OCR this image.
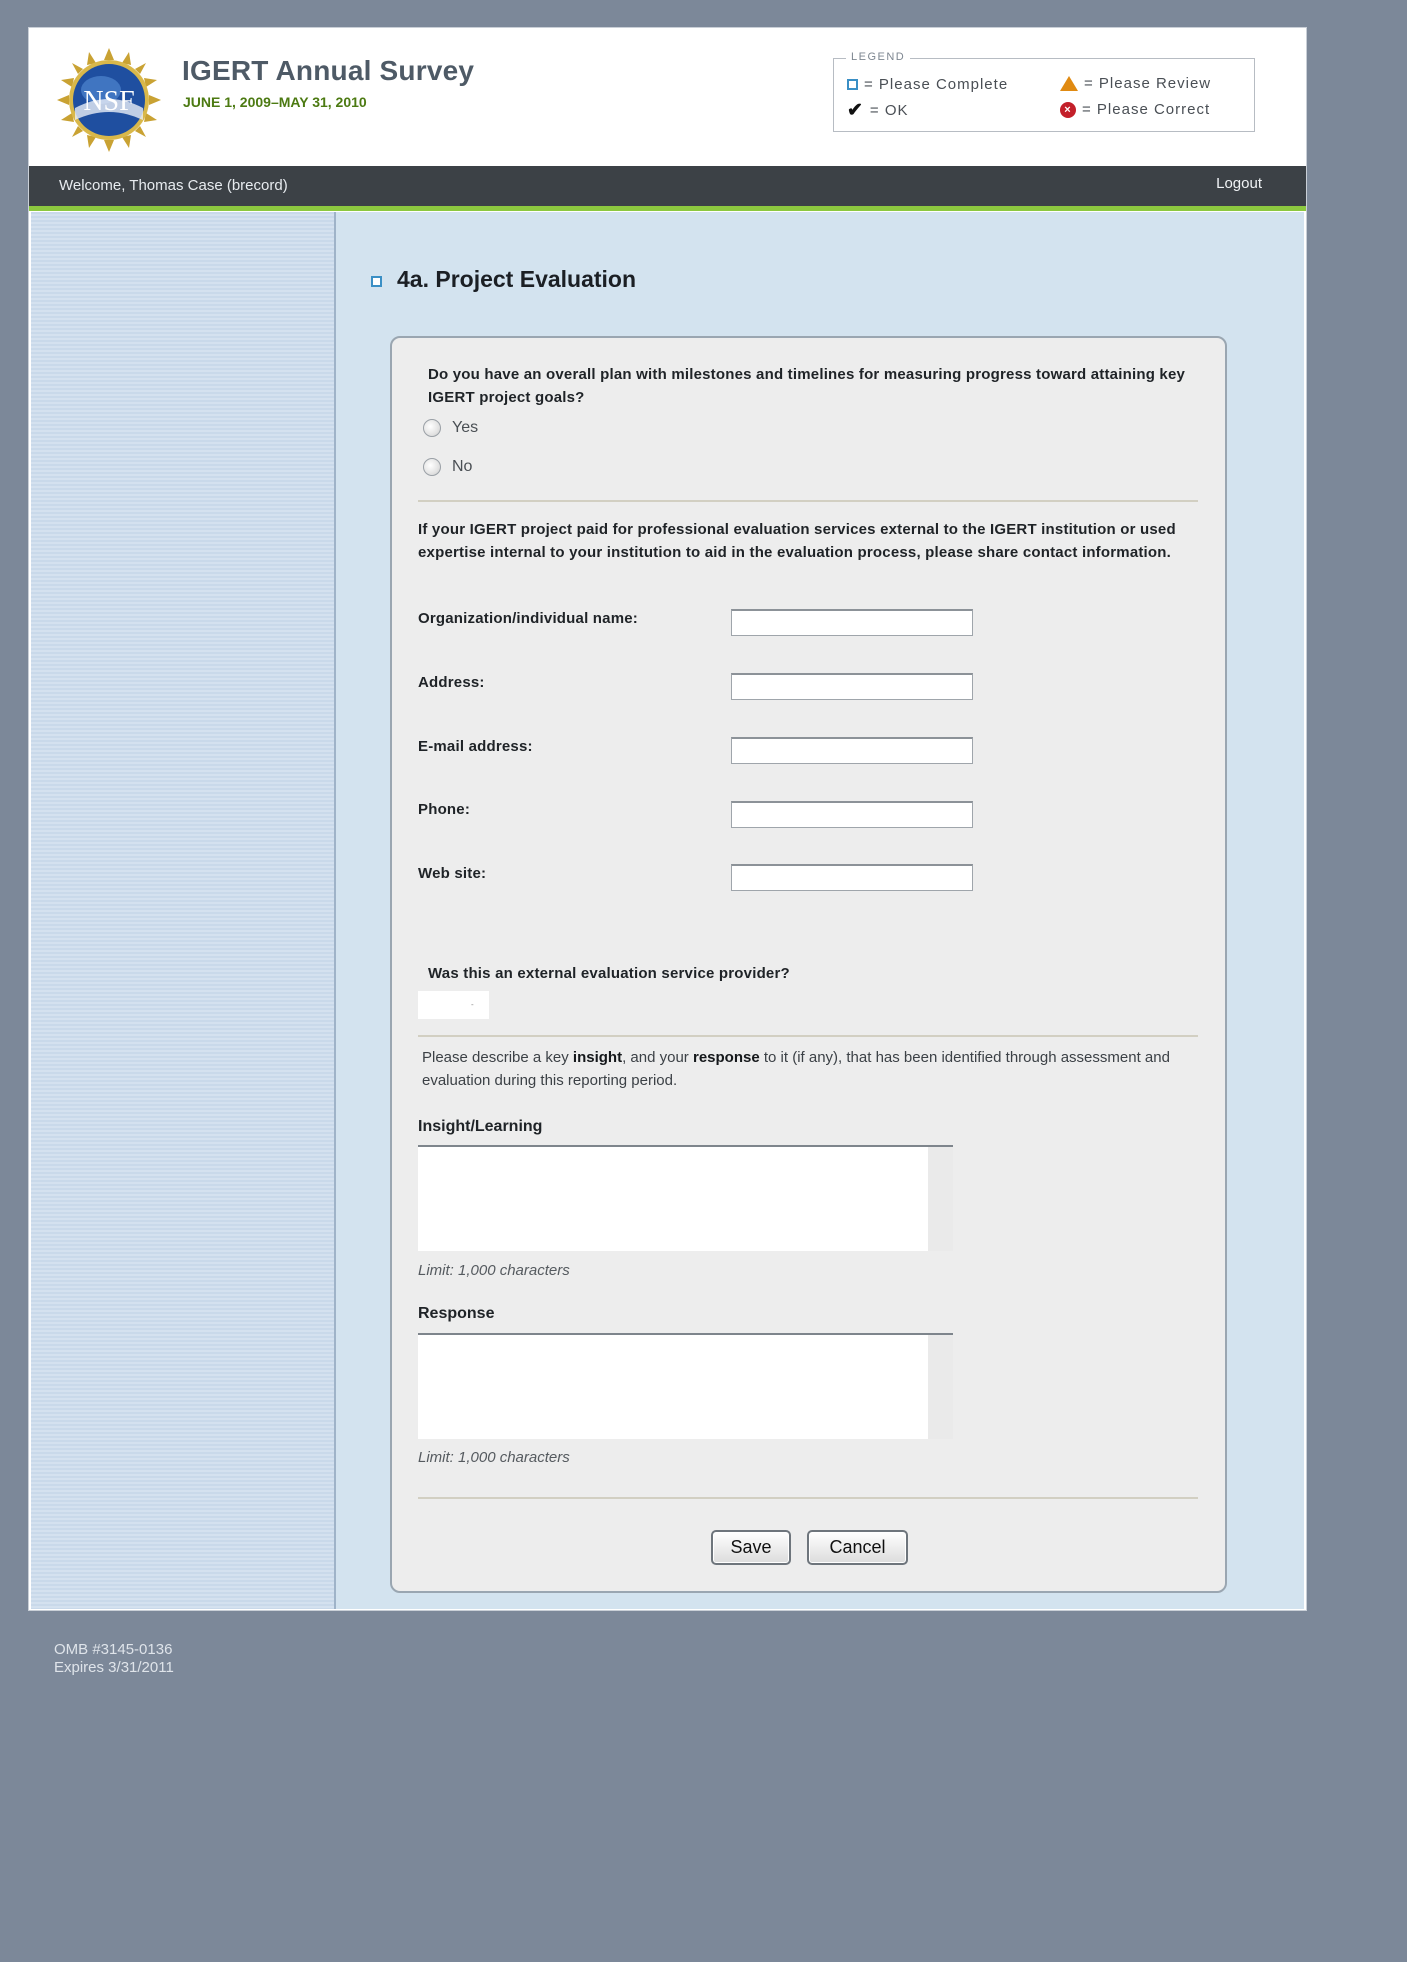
NSF
IGERT Annual Survey
JUNE 1, 2009–MAY 31, 2010
LEGEND
= Please Complete	= Please Review
✔ = OK	× = Please Correct
Welcome, Thomas Case (brecord)	Logout
4a. Project Evaluation
Do you have an overall plan with milestones and timelines for measuring progress toward attaining key IGERT project goals?
Yes
No
If your IGERT project paid for professional evaluation services external to the IGERT institution or used expertise internal to your institution to aid in the evaluation process, please share contact information.
Organization/individual name:
Address:
E-mail address:
Phone:
Web site:
Was this an external evaluation service provider?
-
Please describe a key insight, and your response to it (if any), that has been identified through assessment and evaluation during this reporting period.
Insight/Learning
Limit: 1,000 characters
Response
Limit: 1,000 characters
Save	Cancel
OMB #3145-0136
Expires 3/31/2011
